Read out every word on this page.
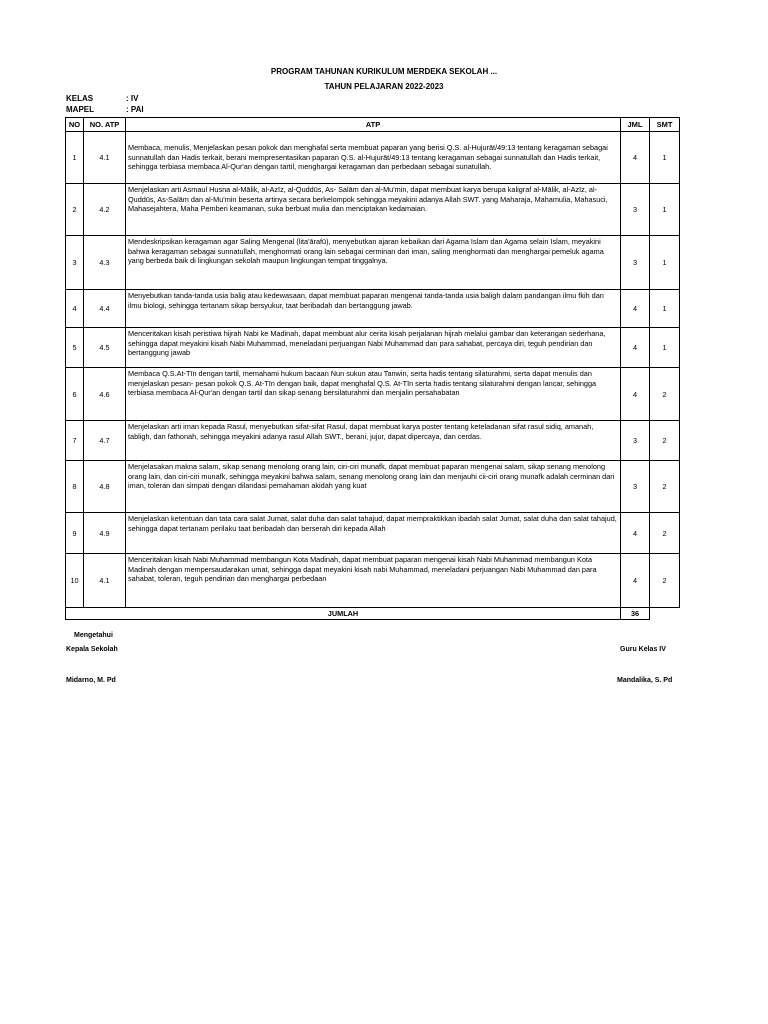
PROGRAM TAHUNAN KURIKULUM MERDEKA SEKOLAH ...
TAHUN PELAJARAN 2022-2023
KELAS	: IV
MAPEL	: PAI
NO	NO. ATP	ATP	JML	SMT
1	4.1	Membaca, menulis, Menjelaskan pesan pokok dan menghafal serta membuat paparan yang berisi Q.S. al-Hujurāt/49:13 tentang keragaman sebagai sunnatullah dan Hadis terkait, berani mempresentasikan paparan Q.S. al-Hujurāt/49:13 tentang keragaman sebagai sunnatullah dan Hadis terkait, sehingga terbiasa membaca Al-Qur'an dengan tartil, menghargai keragaman dan perbedaan sebagai sunatullah.	4	1
2	4.2	Menjelaskan arti Asmaul Husna al-Mālik, al-Azīz, al-Quddūs, As- Salām dan al-Mu'min, dapat membuat karya berupa kaligraf al-Mālik, al-Azīz, al-Quddūs, As-Salām dan al-Mu'min beserta artinya secara berkelompok sehingga meyakini adanya Allah SWT. yang Maharaja, Mahamulia, Mahasuci, Mahasejahtera, Maha Pemberi keamanan, suka berbuat mulia dan menciptakan kedamaian.	3	1
3	4.3	Mendeskripsikan keragaman agar Saling Mengenal (lita'ārafū), menyebutkan ajaran kebaikan dari Agama Islam dan Agama selain Islam, meyakini bahwa keragaman sebagai sunnatullah, menghormati orang lain sebagai cerminan dari iman, saling menghormati dan menghargai pemeluk agama yang berbeda baik di lingkungan sekolah maupun lingkungan tempat tinggalnya.	3	1
4	4.4	Menyebutkan tanda-tanda usia balig atau kedewasaan, dapat membuat paparan mengenai tanda-tanda usia baligh dalam pandangan ilmu fkih dan ilmu biologi, sehingga tertanam sikap bersyukur, taat beribadah dan bertanggung jawab.	4	1
5	4.5	Menceritakan kisah peristiwa hijrah Nabi ke Madinah, dapat membuat alur cerita kisah perjalanan hijrah melalui gambar dan keterangan sederhana, sehingga dapat meyakini kisah Nabi Muhammad, meneladani perjuangan Nabi Muhammad dan para sahabat, percaya diri, teguh pendirian dan bertanggung jawab	4	1
6	4.6	Membaca Q.S.At-Tīn dengan tartil, memahami hukum bacaan Nun sukun atau Tanwin, serta hadis tentang silaturahmi, serta dapat menulis dan menjelaskan pesan- pesan pokok Q.S. At-Tīn dengan baik, dapat menghafal Q.S. At-Tīn serta hadis tentang silaturahmi dengan lancar, sehingga terbiasa membaca Al-Qur'an dengan tartil dan sikap senang bersilaturahmi dan menjalin persahabatan	4	2
7	4.7	Menjelaskan arti iman kepada Rasul, menyebutkan sifat-sifat Rasul, dapat membuat karya poster tentang keteladanan sifat rasul sidiq, amanah, tabligh, dan fathonah, sehingga meyakini adanya rasul Allah SWT., berani, jujur, dapat dipercaya, dan cerdas.	3	2
8	4.8	Menjelasakan makna salam, sikap senang menolong orang lain, ciri-ciri munafk, dapat membuat paparan mengenai salam, sikap senang menolong orang lain, dan ciri-ciri munafk, sehingga meyakini bahwa salam, senang menolong orang lain dan menjauhi cii-ciri orang munafk adalah cerminan dari iman, toleran dan simpati dengan dilandasi pemahaman akidah yang kuat	3	2
9	4.9	Menjelaskan ketentuan dan tata cara salat Jumat, salat duha dan salat tahajud, dapat mempraktikkan ibadah salat Jumat, salat duha dan salat tahajud, sehingga dapat tertanam perilaku taat beribadah dan berserah diri kepada Allah	4	2
10	4.1	Menceritakan kisah Nabi Muhammad membangun Kota Madinah, dapat membuat paparan mengenai kisah Nabi Muhammad membangun Kota Madinah dengan mempersaudarakan umat, sehingga dapat meyakini kisah nabi Muhammad, meneladani perjuangan Nabi Muhammad dan para sahabat, toleran, teguh pendirian dan menghargai perbedaan	4	2
JUMLAH			36	
Mengetahui
Kepala Sekolah	Guru Kelas IV
Midarno, M. Pd	Mandalika, S. Pd
